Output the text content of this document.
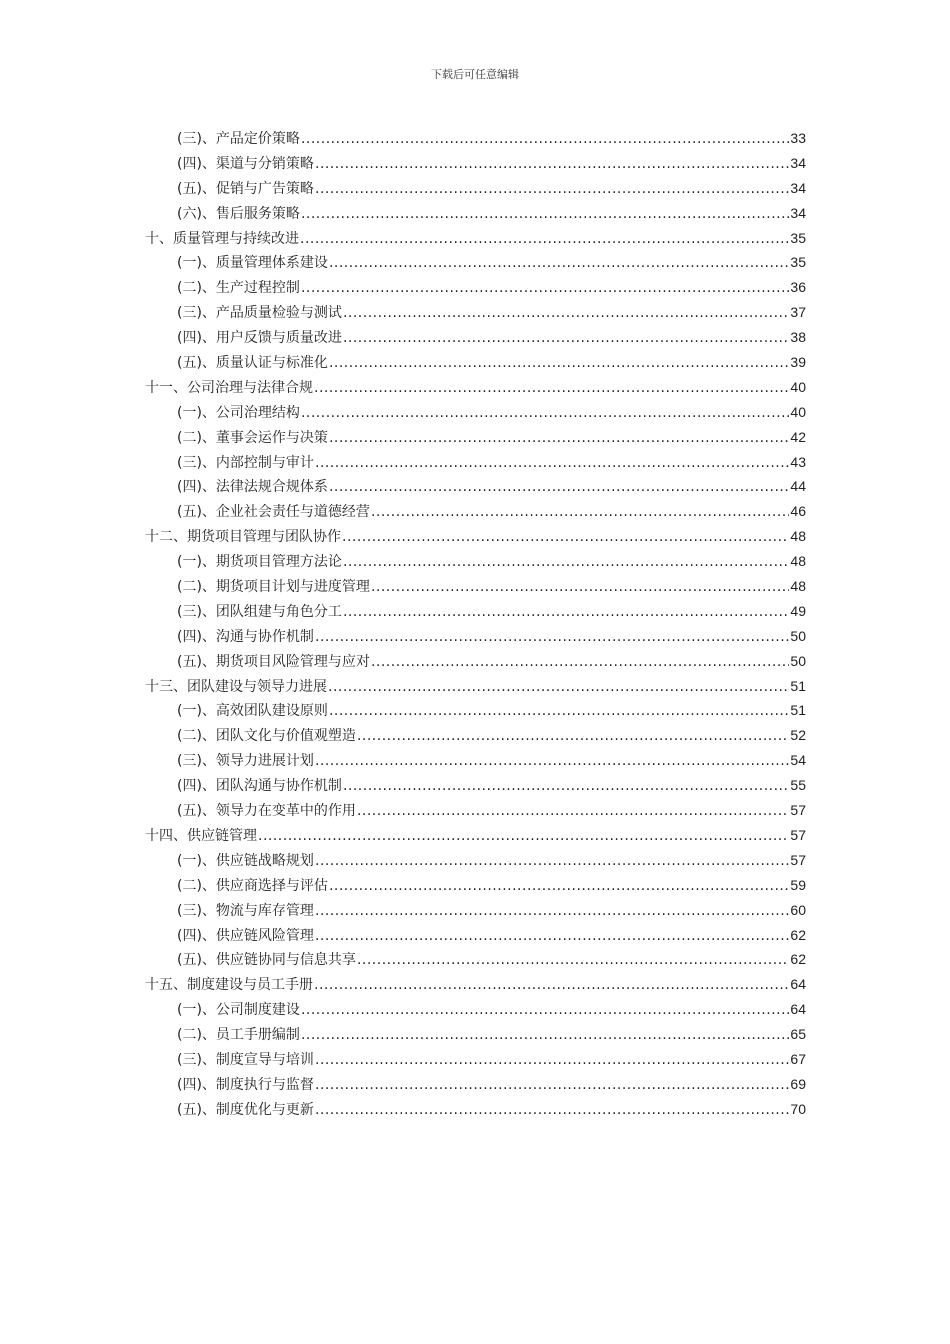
下载后可任意编辑
(三)、产品定价策略 .....	33
(四)、渠道与分销策略 .....	34
(五)、促销与广告策略 .....	34
(六)、售后服务策略 .....	34
十、质量管理与持续改进 .....	35
(一)、质量管理体系建设 .....	35
(二)、生产过程控制 .....	36
(三)、产品质量检验与测试 .....	37
(四)、用户反馈与质量改进 .....	38
(五)、质量认证与标准化 .....	39
十一、公司治理与法律合规 .....	40
(一)、公司治理结构 .....	40
(二)、董事会运作与决策 .....	42
(三)、内部控制与审计 .....	43
(四)、法律法规合规体系 .....	44
(五)、企业社会责任与道德经营 .....	46
十二、期货项目管理与团队协作 .....	48
(一)、期货项目管理方法论 .....	48
(二)、期货项目计划与进度管理 .....	48
(三)、团队组建与角色分工 .....	49
(四)、沟通与协作机制 .....	50
(五)、期货项目风险管理与应对 .....	50
十三、团队建设与领导力进展 .....	51
(一)、高效团队建设原则 .....	51
(二)、团队文化与价值观塑造 .....	52
(三)、领导力进展计划 .....	54
(四)、团队沟通与协作机制 .....	55
(五)、领导力在变革中的作用 .....	57
十四、供应链管理 .....	57
(一)、供应链战略规划 .....	57
(二)、供应商选择与评估 .....	59
(三)、物流与库存管理 .....	60
(四)、供应链风险管理 .....	62
(五)、供应链协同与信息共享 .....	62
十五、制度建设与员工手册 .....	64
(一)、公司制度建设 .....	64
(二)、员工手册编制 .....	65
(三)、制度宣导与培训 .....	67
(四)、制度执行与监督 .....	69
(五)、制度优化与更新 .....	70
